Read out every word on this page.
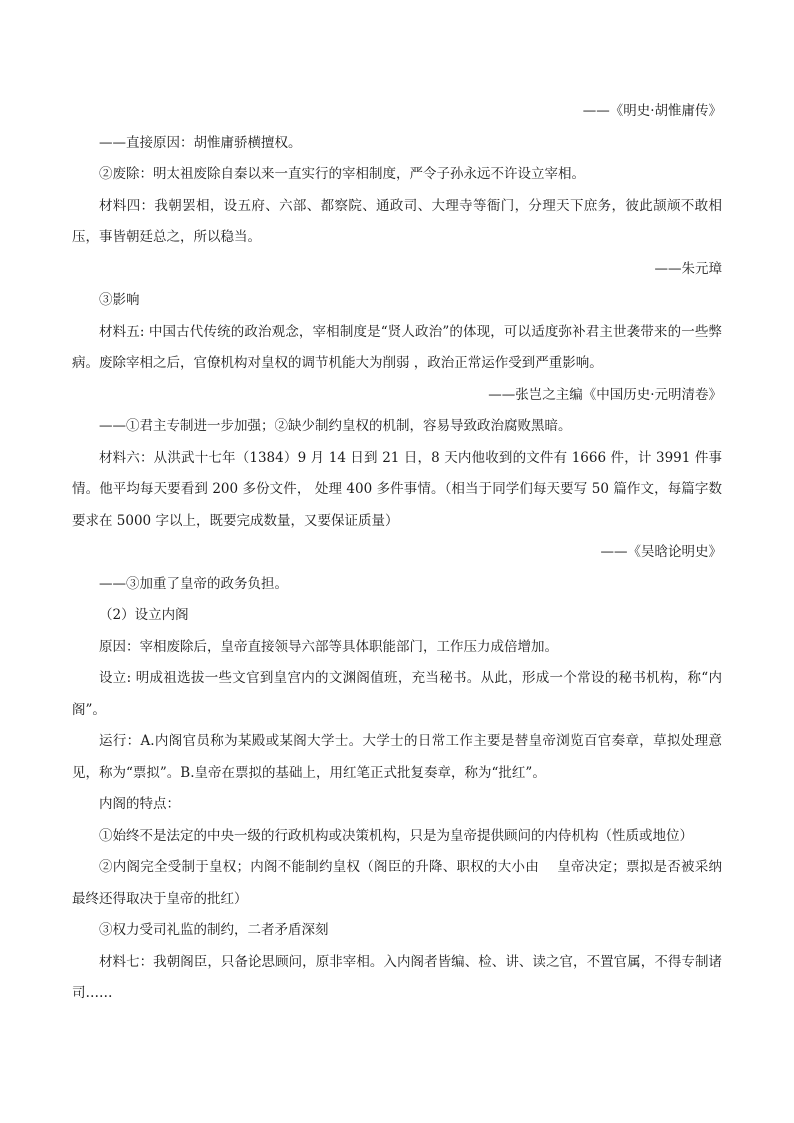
——《明史·胡惟庸传》

——直接原因：胡惟庸骄横擅权。

②废除：明太祖废除自秦以来一直实行的宰相制度，严令子孙永远不许设立宰相。

材料四：我朝罢相，设五府、六部、都察院、通政司、大理寺等衙门，分理天下庶务，彼此颉颃不敢相压，事皆朝廷总之，所以稳当。

——朱元璋

③影响

材料五: 中国古代传统的政治观念，宰相制度是“贤人政治”的体现，可以适度弥补君主世袭带来的一些弊病。废除宰相之后，官僚机构对皇权的调节机能大为削弱 ，政治正常运作受到严重影响。

——张岂之主编《中国历史·元明清卷》

——①君主专制进一步加强；②缺少制约皇权的机制，容易导致政治腐败黑暗。

材料六：从洪武十七年（1384）9 月 14 日到 21 日，8 天内他收到的文件有 1666 件，计 3991 件事情。他平均每天要看到 200 多份文件， 处理 400 多件事情。（相当于同学们每天要写 50 篇作文，每篇字数要求在 5000 字以上，既要完成数量，又要保证质量）

——《吴晗论明史》

——③加重了皇帝的政务负担。

（2）设立内阁

原因：宰相废除后，皇帝直接领导六部等具体职能部门，工作压力成倍增加。

设立: 明成祖选拔一些文官到皇宫内的文渊阁值班，充当秘书。从此，形成一个常设的秘书机构，称“内阁”。

运行：A.内阁官员称为某殿或某阁大学士。大学士的日常工作主要是替皇帝浏览百官奏章，草拟处理意见，称为“票拟”。B.皇帝在票拟的基础上，用红笔正式批复奏章，称为“批红”。

内阁的特点：

①始终不是法定的中央一级的行政机构或决策机构，只是为皇帝提供顾问的内侍机构（性质或地位）

②内阁完全受制于皇权；内阁不能制约皇权（阁臣的升降、职权的大小由　 皇帝决定；票拟是否被采纳最终还得取决于皇帝的批红）

③权力受司礼监的制约，二者矛盾深刻

材料七：我朝阁臣，只备论思顾问，原非宰相。入内阁者皆编、检、讲、读之官，不置官属，不得专制诸司……
